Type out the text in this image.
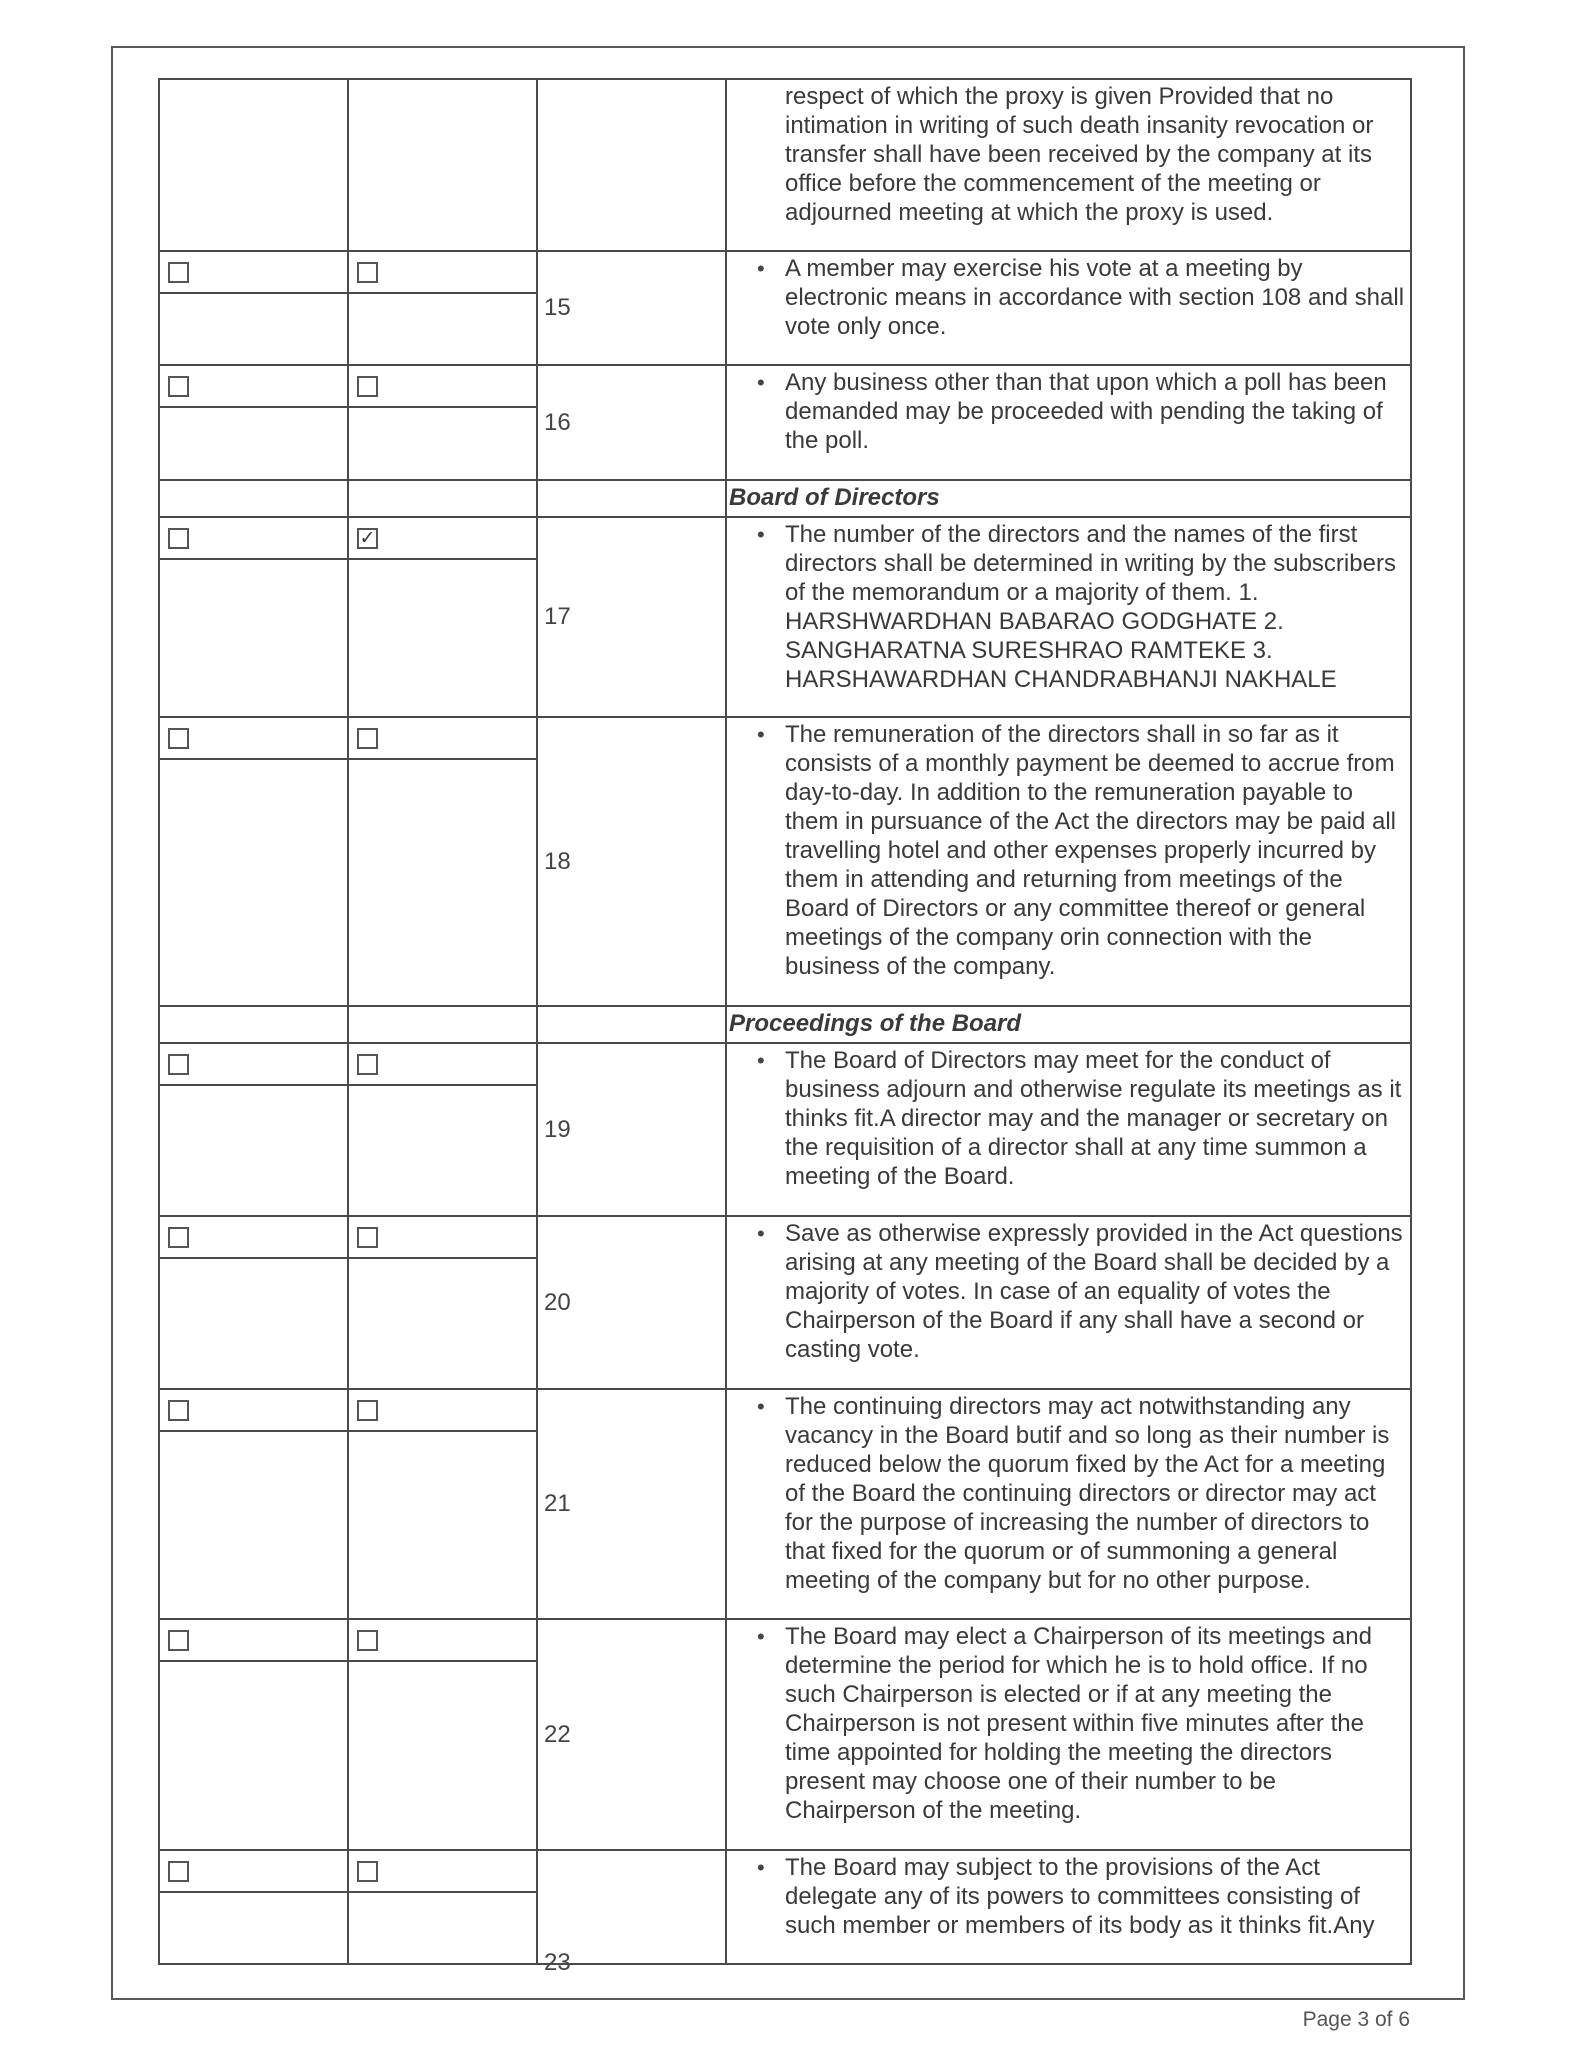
respect of which the proxy is given Provided that no intimation in writing of such death insanity revocation or transfer shall have been received by the company at its office before the commencement of the meeting or adjourned meeting at which the proxy is used.
15
• A member may exercise his vote at a meeting by electronic means in accordance with section 108 and shall vote only once.
16
• Any business other than that upon which a poll has been demanded may be proceeded with pending the taking of the poll.
Board of Directors
✓
17
• The number of the directors and the names of the first directors shall be determined in writing by the subscribers of the memorandum or a majority of them. 1. HARSHWARDHAN BABARAO GODGHATE 2. SANGHARATNA SURESHRAO RAMTEKE 3. HARSHAWARDHAN CHANDRABHANJI NAKHALE
18
• The remuneration of the directors shall in so far as it consists of a monthly payment be deemed to accrue from day-to-day. In addition to the remuneration payable to them in pursuance of the Act the directors may be paid all travelling hotel and other expenses properly incurred by them in attending and returning from meetings of the Board of Directors or any committee thereof or general meetings of the company orin connection with the business of the company.
Proceedings of the Board
19
• The Board of Directors may meet for the conduct of business adjourn and otherwise regulate its meetings as it thinks fit.A director may and the manager or secretary on the requisition of a director shall at any time summon a meeting of the Board.
20
• Save as otherwise expressly provided in the Act questions arising at any meeting of the Board shall be decided by a majority of votes. In case of an equality of votes the Chairperson of the Board if any shall have a second or casting vote.
21
• The continuing directors may act notwithstanding any vacancy in the Board butif and so long as their number is reduced below the quorum fixed by the Act for a meeting of the Board the continuing directors or director may act for the purpose of increasing the number of directors to that fixed for the quorum or of summoning a general meeting of the company but for no other purpose.
22
• The Board may elect a Chairperson of its meetings and determine the period for which he is to hold office. If no such Chairperson is elected or if at any meeting the Chairperson is not present within five minutes after the time appointed for holding the meeting the directors present may choose one of their number to be Chairperson of the meeting.
23
• The Board may subject to the provisions of the Act delegate any of its powers to committees consisting of such member or members of its body as it thinks fit.Any
Page 3 of 6
